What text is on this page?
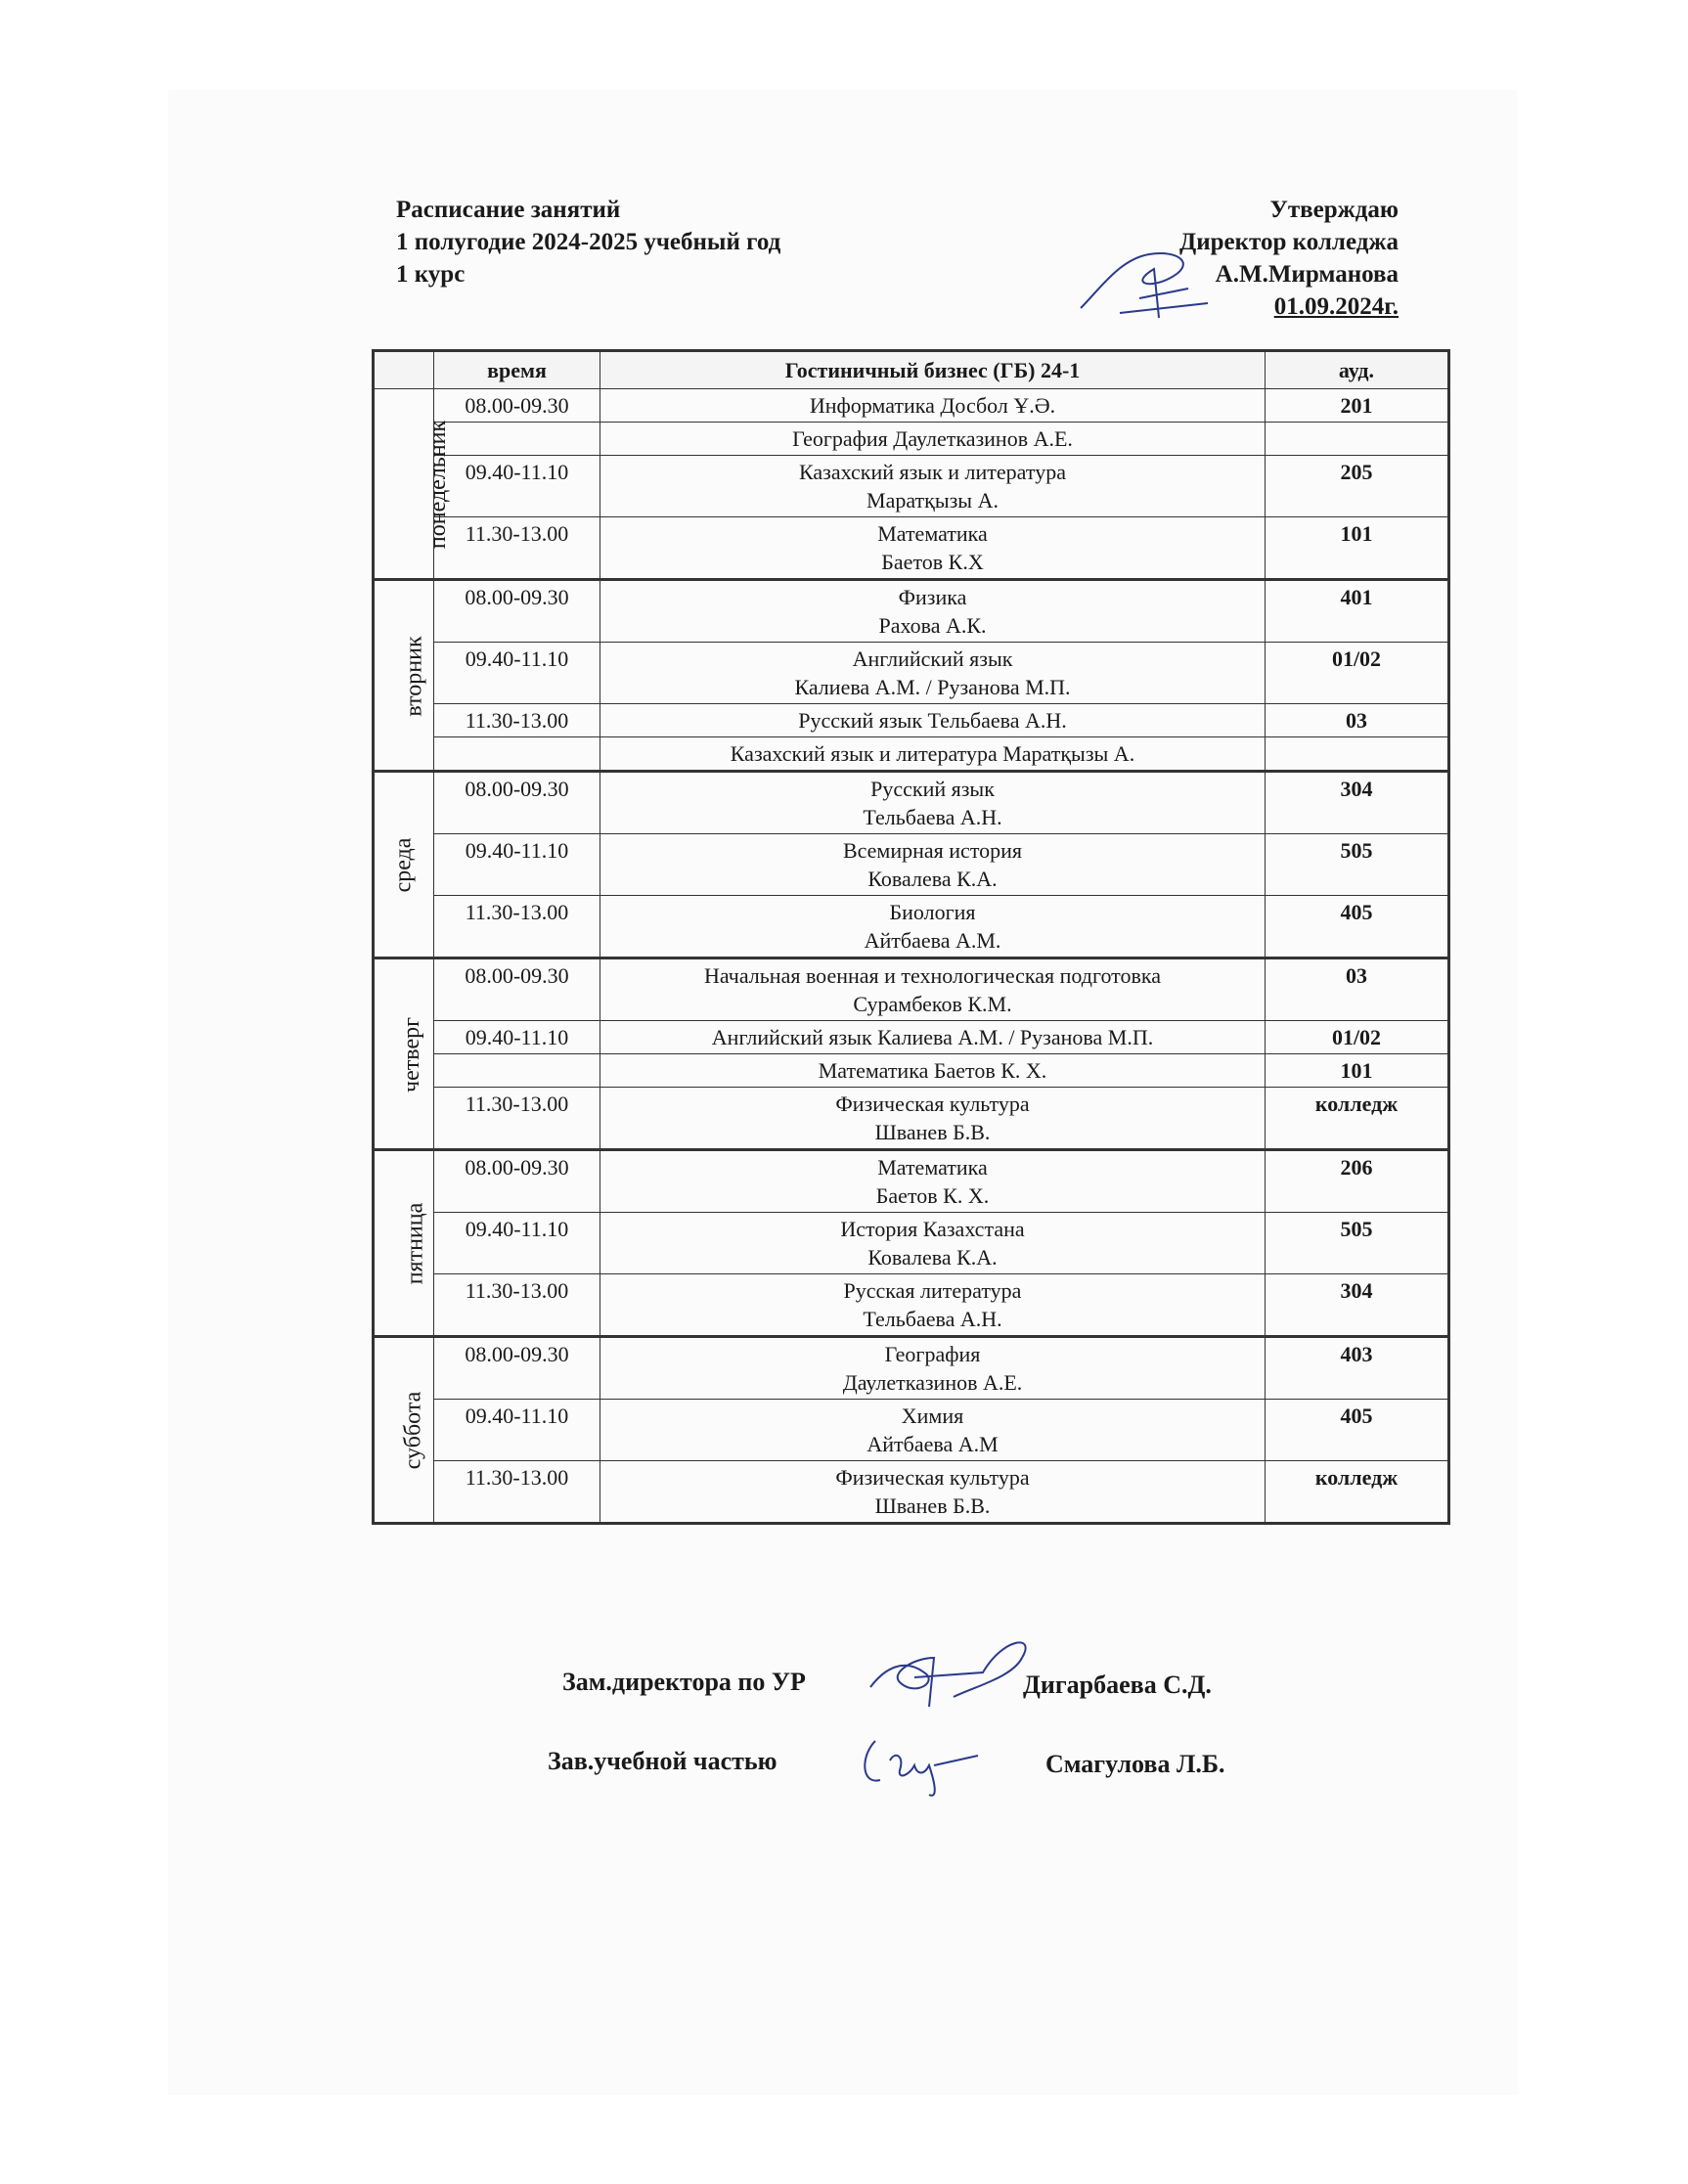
Расписание занятий
1 полугодие 2024-2025 учебный год
1 курс
Утверждаю
Директор колледжа
А.М.Мирманова
01.09.2024г.
	время	Гостиничный бизнес (ГБ) 24-1	ауд.
понедельник	08.00-09.30	Информатика Досбол Ұ.Ә.	201

		География Даулетказинов А.Е.	

	09.40-11.10	Казахский язык и литература
Маратқызы А.	205
	11.30-13.00	Математика
Баетов К.Х	101
вторник	08.00-09.30	Физика
Рахова А.К.	401
	09.40-11.10	Английский язык
Калиева А.М. / Рузанова М.П.	01/02
	11.30-13.00	Русский язык Тельбаева А.Н.	03

		Казахский язык и литература Маратқызы А.	

среда	08.00-09.30	Русский язык
Тельбаева А.Н.	304
	09.40-11.10	Всемирная история
Ковалева К.А.	505
	11.30-13.00	Биология
Айтбаева А.М.	405
четверг	08.00-09.30	Начальная военная и технологическая подготовка
Сурамбеков К.М.	03
	09.40-11.10	Английский язык Калиева А.М. / Рузанова М.П.	01/02

		Математика Баетов К. Х.	101
	11.30-13.00	Физическая культура
Шванев Б.В.	колледж
пятница	08.00-09.30	Математика
Баетов К. Х.	206
	09.40-11.10	История Казахстана
Ковалева К.А.	505
	11.30-13.00	Русская литература
Тельбаева А.Н.	304
суббота	08.00-09.30	География
Даулетказинов А.Е.	403
	09.40-11.10	Химия
Айтбаева А.М	405
	11.30-13.00	Физическая культура
Шванев Б.В.	колледж
Зам.директора по УР	Дигарбаева С.Д.
Зав.учебной частью	Смагулова Л.Б.
